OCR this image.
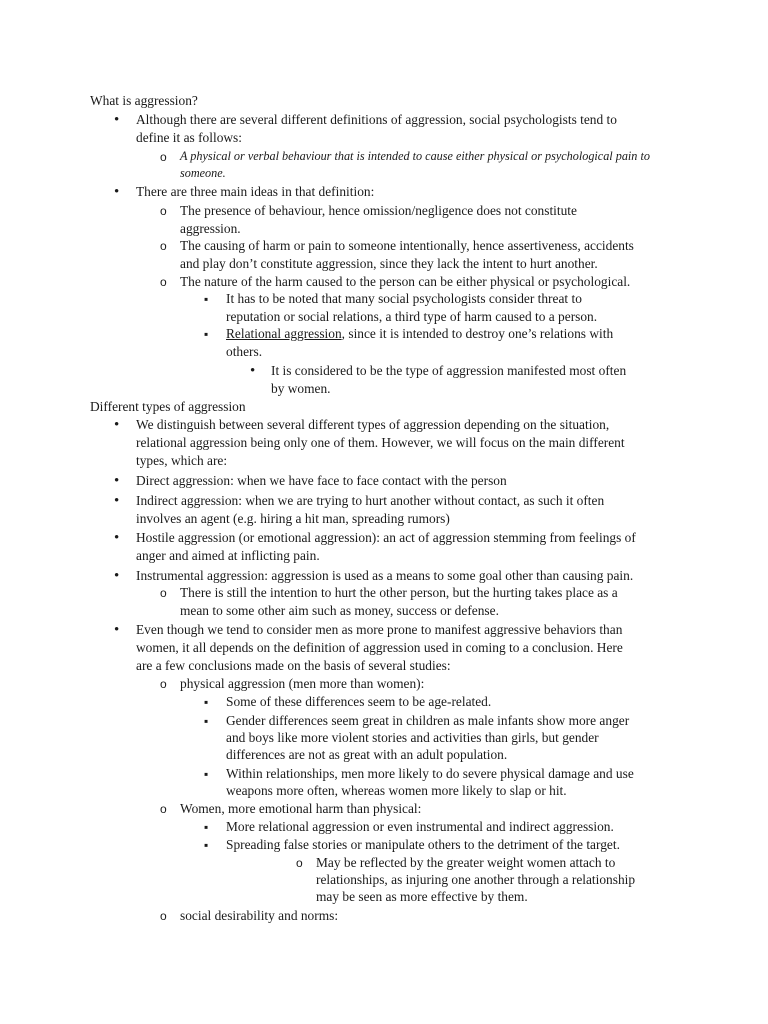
What is aggression?
•
Although there are several different definitions of aggression, social psychologists tend to
define it as follows:
o
A physical or verbal behaviour that is intended to cause either physical or psychological pain to
someone.
•
There are three main ideas in that definition:
o
The presence of behaviour, hence omission/negligence does not constitute
aggression.
o
The causing of harm or pain to someone intentionally, hence assertiveness, accidents
and play don’t constitute aggression, since they lack the intent to hurt another.
o
The nature of the harm caused to the person can be either physical or psychological.
▪
It has to be noted that many social psychologists consider threat to
reputation or social relations, a third type of harm caused to a person.
▪
Relational aggression, since it is intended to destroy one’s relations with
others.
•
It is considered to be the type of aggression manifested most often
by women.
Different types of aggression
•
We distinguish between several different types of aggression depending on the situation,
relational aggression being only one of them. However, we will focus on the main different
types, which are:
•
Direct aggression: when we have face to face contact with the person
•
Indirect aggression: when we are trying to hurt another without contact, as such it often
involves an agent (e.g. hiring a hit man, spreading rumors)
•
Hostile aggression (or emotional aggression): an act of aggression stemming from feelings of
anger and aimed at inflicting pain.
•
Instrumental aggression: aggression is used as a means to some goal other than causing pain.
o
There is still the intention to hurt the other person, but the hurting takes place as a
mean to some other aim such as money, success or defense.
•
Even though we tend to consider men as more prone to manifest aggressive behaviors than
women, it all depends on the definition of aggression used in coming to a conclusion. Here
are a few conclusions made on the basis of several studies:
o
physical aggression (men more than women):
▪
Some of these differences seem to be age-related.
▪
Gender differences seem great in children as male infants show more anger
and boys like more violent stories and activities than girls, but gender
differences are not as great with an adult population.
▪
Within relationships, men more likely to do severe physical damage and use
weapons more often, whereas women more likely to slap or hit.
o
Women, more emotional harm than physical:
▪
More relational aggression or even instrumental and indirect aggression.
▪
Spreading false stories or manipulate others to the detriment of the target.
o
May be reflected by the greater weight women attach to
relationships, as injuring one another through a relationship
may be seen as more effective by them.
o
social desirability and norms:
